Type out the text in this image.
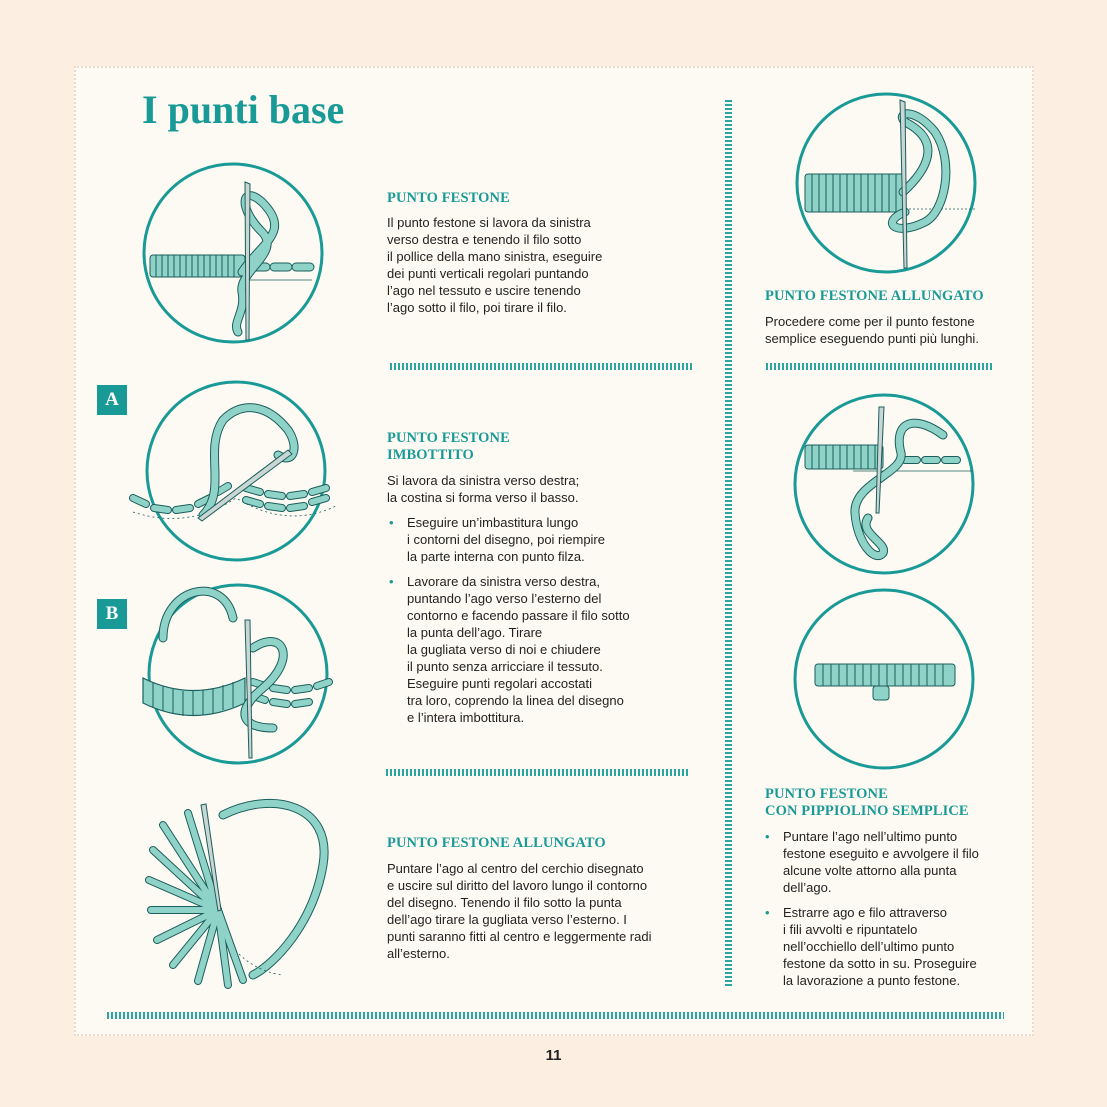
I punti base
PUNTO FESTONE

Il punto festone si lavora da sinistra
verso destra e tenendo il filo sotto
il pollice della mano sinistra, eseguire
dei punti verticali regolari puntando
l’ago nel tessuto e uscire tenendo
l’ago sotto il filo, poi tirare il filo.

A
B
PUNTO FESTONE
IMBOTTITO

Si lavora da sinistra verso destra;
la costina si forma verso il basso.

• Eseguire un’imbastitura lungo
i contorni del disegno, poi riempire
la parte interna con punto filza.

• Lavorare da sinistra verso destra,
puntando l’ago verso l’esterno del
contorno e facendo passare il filo sotto
la punta dell’ago. Tirare
la gugliata verso di noi e chiudere
il punto senza arricciare il tessuto.
Eseguire punti regolari accostati
tra loro, coprendo la linea del disegno
e l’intera imbottitura.

PUNTO FESTONE ALLUNGATO

Puntare l’ago al centro del cerchio disegnato
e uscire sul diritto del lavoro lungo il contorno
del disegno. Tenendo il filo sotto la punta
dell’ago tirare la gugliata verso l’esterno. I
punti saranno fitti al centro e leggermente radi
all’esterno.

PUNTO FESTONE ALLUNGATO

Procedere come per il punto festone
semplice eseguendo punti più lunghi.

PUNTO FESTONE
CON PIPPIOLINO SEMPLICE

• Puntare l’ago nell’ultimo punto
festone eseguito e avvolgere il filo
alcune volte attorno alla punta
dell’ago.

• Estrarre ago e filo attraverso
i fili avvolti e ripuntatelo
nell’occhiello dell’ultimo punto
festone da sotto in su. Proseguire
la lavorazione a punto festone.

11
